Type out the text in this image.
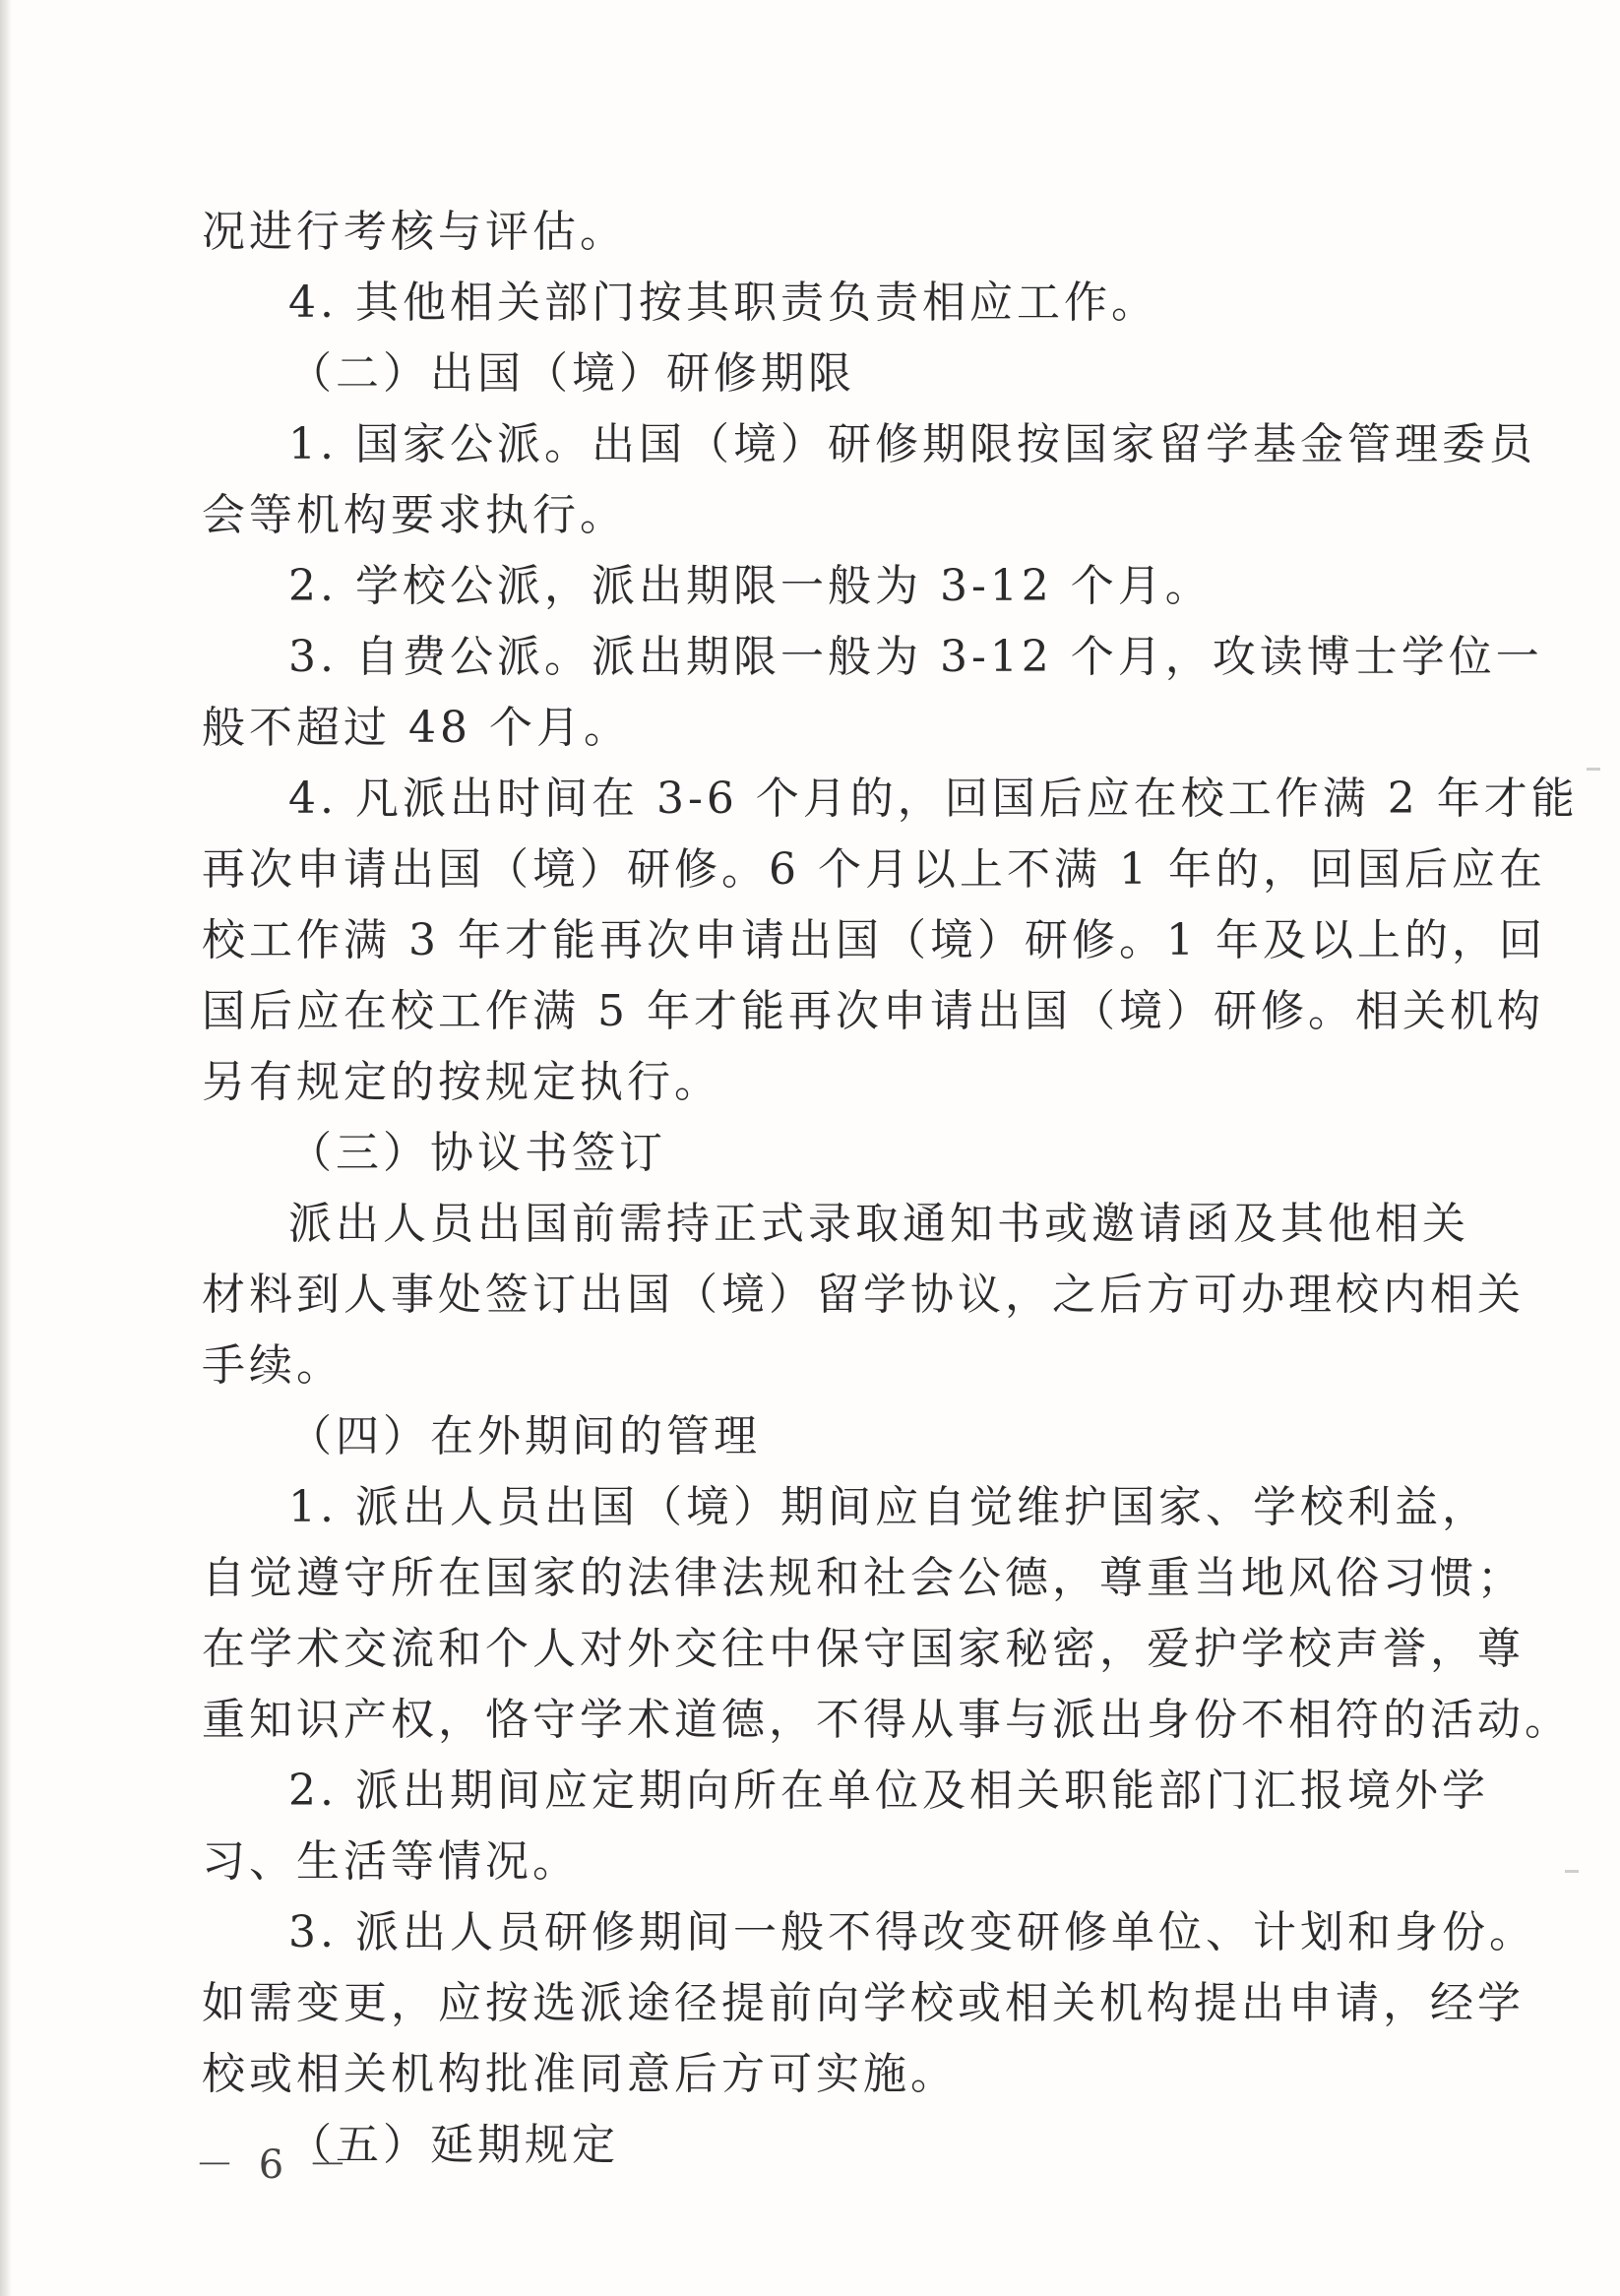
况进行考核与评估。
4. 其他相关部门按其职责负责相应工作。
（二）出国（境）研修期限
1. 国家公派。出国（境）研修期限按国家留学基金管理委员
会等机构要求执行。
2. 学校公派，派出期限一般为 3-12 个月。
3. 自费公派。派出期限一般为 3-12 个月，攻读博士学位一
般不超过 48 个月。
4. 凡派出时间在 3-6 个月的，回国后应在校工作满 2 年才能
再次申请出国（境）研修。6 个月以上不满 1 年的，回国后应在
校工作满 3 年才能再次申请出国（境）研修。1 年及以上的，回
国后应在校工作满 5 年才能再次申请出国（境）研修。相关机构
另有规定的按规定执行。
（三）协议书签订
派出人员出国前需持正式录取通知书或邀请函及其他相关
材料到人事处签订出国（境）留学协议，之后方可办理校内相关
手续。
（四）在外期间的管理
1. 派出人员出国（境）期间应自觉维护国家、学校利益，
自觉遵守所在国家的法律法规和社会公德，尊重当地风俗习惯；
在学术交流和个人对外交往中保守国家秘密，爱护学校声誉，尊
重知识产权，恪守学术道德，不得从事与派出身份不相符的活动。
2. 派出期间应定期向所在单位及相关职能部门汇报境外学
习、生活等情况。
3. 派出人员研修期间一般不得改变研修单位、计划和身份。
如需变更，应按选派途径提前向学校或相关机构提出申请，经学
校或相关机构批准同意后方可实施。
（五）延期规定
－ 6 －
